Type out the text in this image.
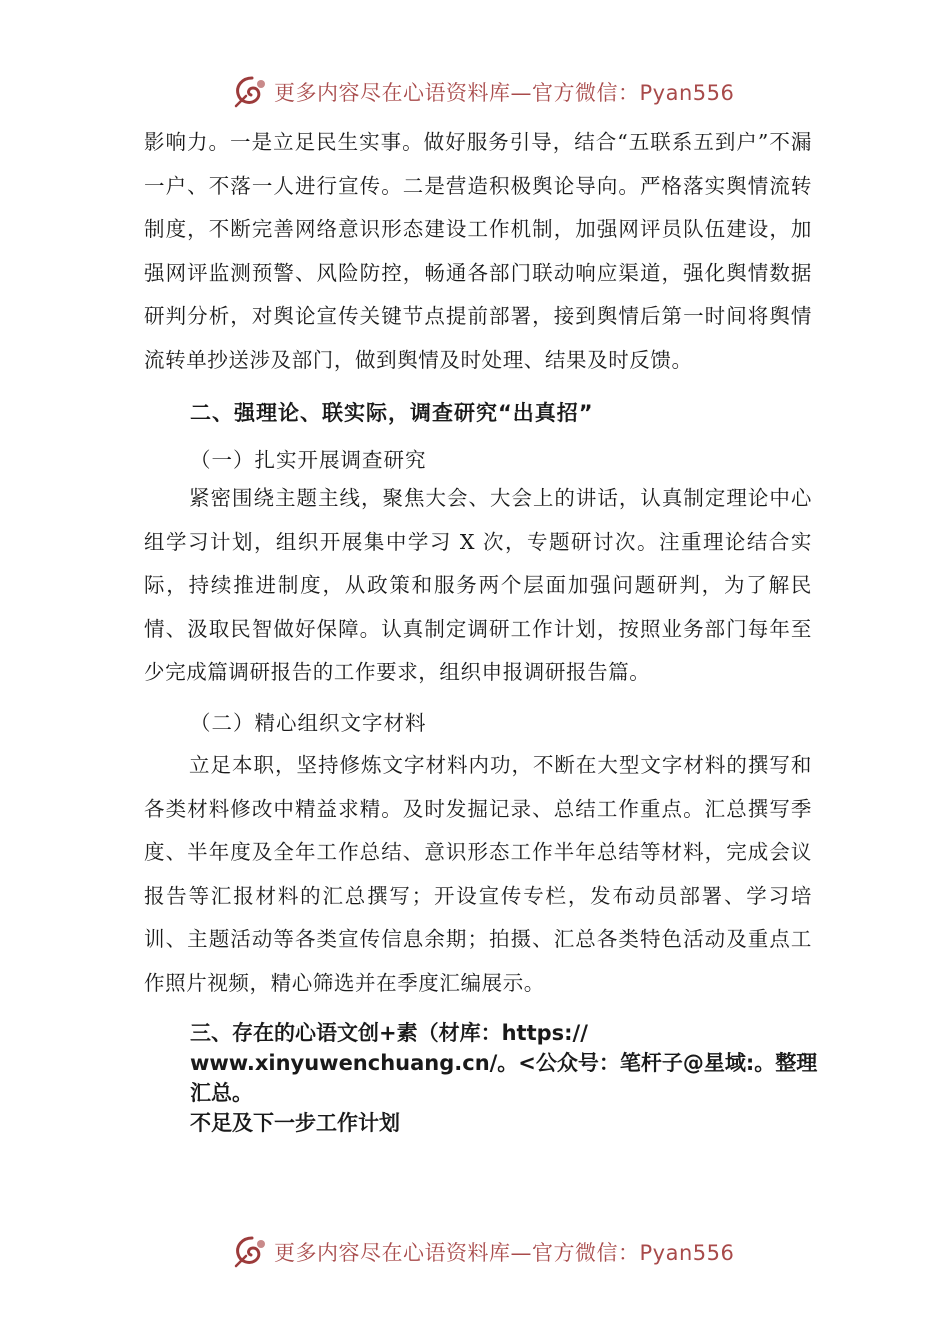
更多内容尽在心语资料库—官方微信：Pyan556

影响力。一是立足民生实事。做好服务引导，结合“五联系五到户”不漏一户、不落一人进行宣传。二是营造积极舆论导向。严格落实舆情流转制度，不断完善网络意识形态建设工作机制，加强网评员队伍建设，加强网评监测预警、风险防控，畅通各部门联动响应渠道，强化舆情数据研判分析，对舆论宣传关键节点提前部署，接到舆情后第一时间将舆情流转单抄送涉及部门，做到舆情及时处理、结果及时反馈。

二、强理论、联实际，调查研究“出真招”

（一）扎实开展调查研究

紧密围绕主题主线，聚焦大会、大会上的讲话，认真制定理论中心组学习计划，组织开展集中学习 X 次，专题研讨次。注重理论结合实际，持续推进制度，从政策和服务两个层面加强问题研判，为了解民情、汲取民智做好保障。认真制定调研工作计划，按照业务部门每年至少完成篇调研报告的工作要求，组织申报调研报告篇。

（二）精心组织文字材料

立足本职，坚持修炼文字材料内功，不断在大型文字材料的撰写和各类材料修改中精益求精。及时发掘记录、总结工作重点。汇总撰写季度、半年度及全年工作总结、意识形态工作半年总结等材料，完成会议报告等汇报材料的汇总撰写；开设宣传专栏，发布动员部署、学习培训、主题活动等各类宣传信息余期；拍摄、汇总各类特色活动及重点工作照片视频，精心筛选并在季度汇编展示。

三、存在的心语文创+素（材库：https://
www.xinyuwenchuang.cn/。<公众号：笔杆子@星域:。整理汇总。
不足及下一步工作计划
更多内容尽在心语资料库—官方微信：Pyan556
